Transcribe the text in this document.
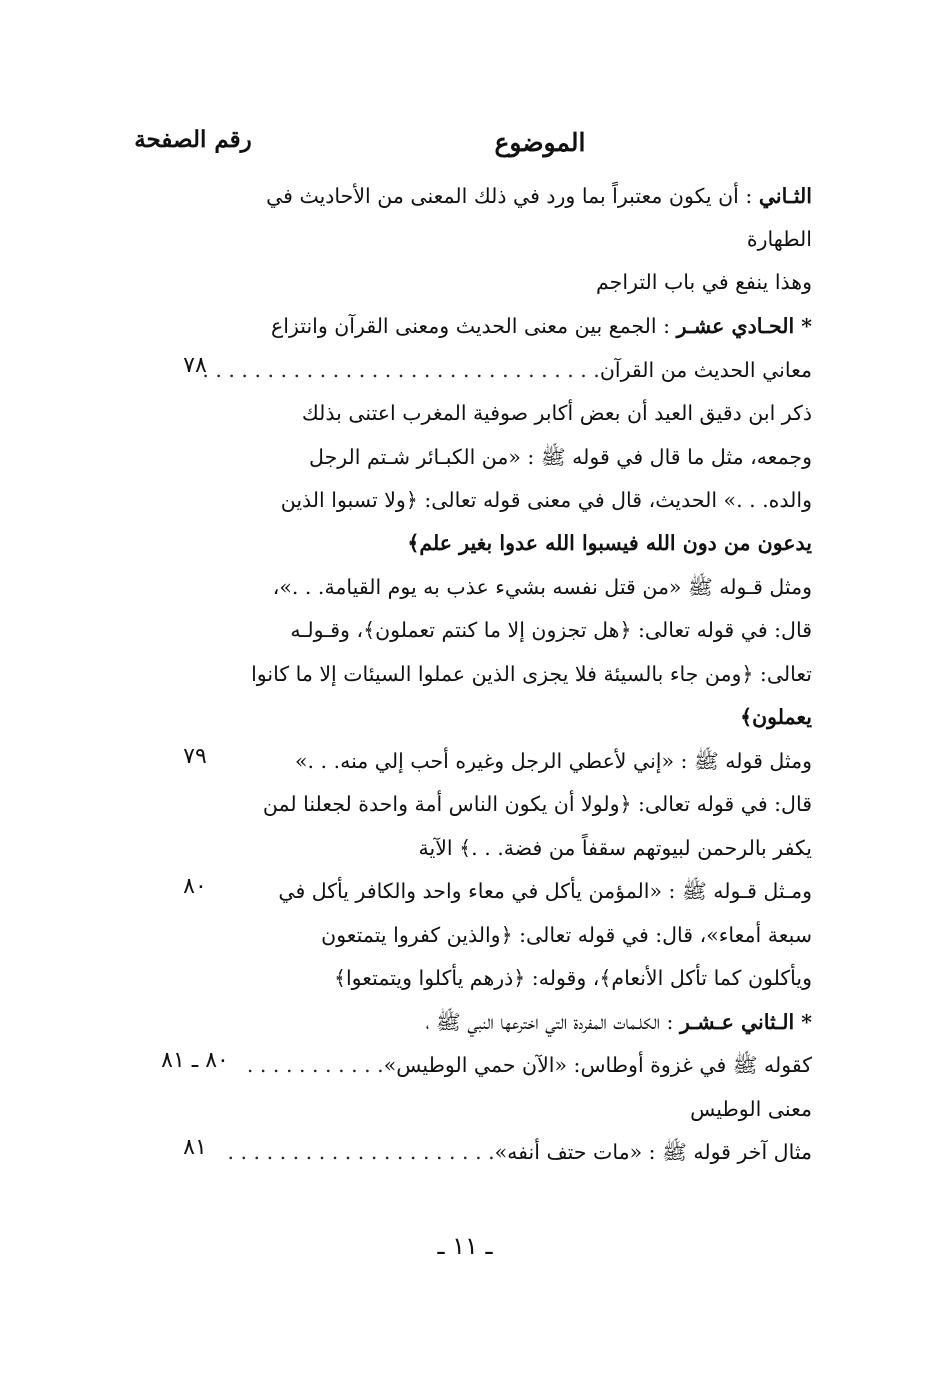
الموضوع
رقم الصفحة
الثـاني : أن يكون معتبراً بما ورد في ذلك المعنى من الأحاديث في
الطهارة
وهذا ينفع في باب التراجم
* الحـادي عشـر : الجمع بين معنى الحديث ومعنى القرآن وانتزاع
معاني الحديث من القرآن. . . . . . . . . . . . . . . . . . . . . . . . . . . . . . .
ذكر ابن دقيق العيد أن بعض أكابر صوفية المغرب اعتنى بذلك
وجمعه، مثل ما قال في قوله ﷺ : «من الكبـائر شـتم الرجل
والده. . .» الحديث، قال في معنى قوله تعالى: ﴿ولا تسبوا الذين
يدعون من دون الله فيسبوا الله عدوا بغير علم﴾
ومثل قـوله ﷺ «من قتل نفسه بشيء عذب به يوم القيامة. . .»،
قال: في قوله تعالى: ﴿هل تجزون إلا ما كنتم تعملون﴾، وقـولـه
تعالى: ﴿ومن جاء بالسيئة فلا يجزى الذين عملوا السيئات إلا ما كانوا
يعملون﴾
ومثل قوله ﷺ : «إني لأعطي الرجل وغيره أحب إلي منه. . .»
قال: في قوله تعالى: ﴿ولولا أن يكون الناس أمة واحدة لجعلنا لمن
يكفر بالرحمن لبيوتهم سقفاً من فضة. . .﴾ الآية
ومـثل قـوله ﷺ : «المؤمن يأكل في معاء واحد والكافر يأكل في
سبعة أمعاء»، قال: في قوله تعالى: ﴿والذين كفروا يتمتعون
ويأكلون كما تأكل الأنعام﴾، وقوله: ﴿ذرهم يأكلوا ويتمتعوا﴾
* الـثاني عـشـر : الكلـمات المفردة التي اخترعها النبي ﷺ ،
كقوله ﷺ في غزوة أوطاس: «الآن حمي الوطيس». . . . . . . . . . .
معنى الوطيس
مثال آخر قوله ﷺ : «مات حتف أنفه». . . . . . . . . . . . . . . . . . . . .
٧٨
٧٩
٨٠
٨٠ ـ ٨١
٨١
ـ ١١ ـ
